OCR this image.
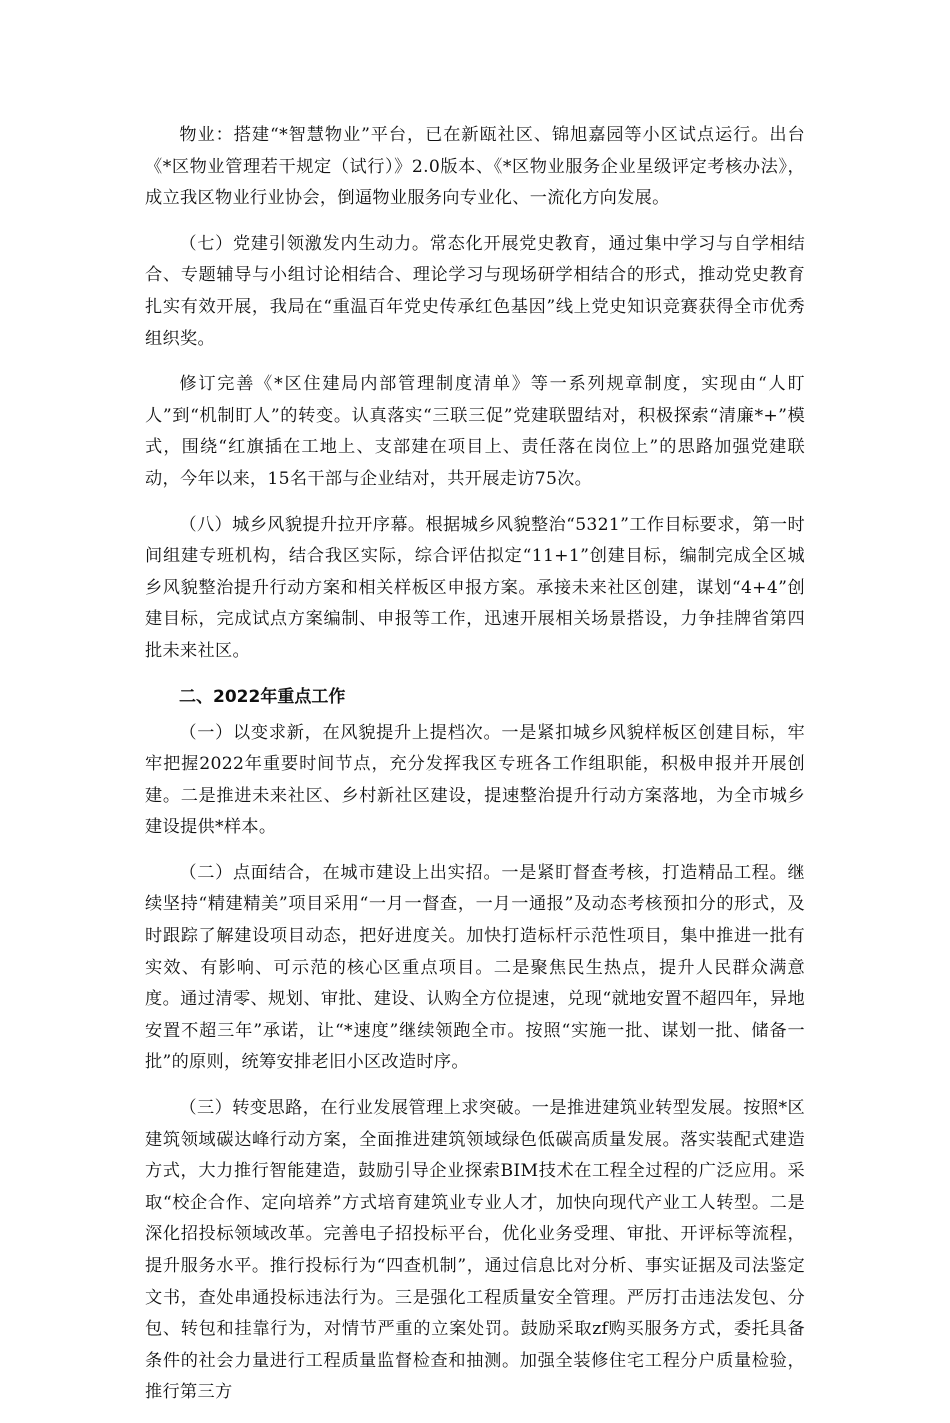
物业：搭建“*智慧物业”平台，已在新瓯社区、锦旭嘉园等小区试点运行。出台《*区物业管理若干规定（试行）》2.0版本、《*区物业服务企业星级评定考核办法》，成立我区物业行业协会，倒逼物业服务向专业化、一流化方向发展。

（七）党建引领激发内生动力。常态化开展党史教育，通过集中学习与自学相结合、专题辅导与小组讨论相结合、理论学习与现场研学相结合的形式，推动党史教育扎实有效开展，我局在“重温百年党史传承红色基因”线上党史知识竞赛获得全市优秀组织奖。

修订完善《*区住建局内部管理制度清单》等一系列规章制度，实现由“人盯人”到“机制盯人”的转变。认真落实“三联三促”党建联盟结对，积极探索“清廉*+”模式，围绕“红旗插在工地上、支部建在项目上、责任落在岗位上”的思路加强党建联动，今年以来，15名干部与企业结对，共开展走访75次。

（八）城乡风貌提升拉开序幕。根据城乡风貌整治“5321”工作目标要求，第一时间组建专班机构，结合我区实际，综合评估拟定“11+1”创建目标，编制完成全区城乡风貌整治提升行动方案和相关样板区申报方案。承接未来社区创建，谋划“4+4”创建目标，完成试点方案编制、申报等工作，迅速开展相关场景搭设，力争挂牌省第四批未来社区。

二、2022年重点工作

（一）以变求新，在风貌提升上提档次。一是紧扣城乡风貌样板区创建目标，牢牢把握2022年重要时间节点，充分发挥我区专班各工作组职能，积极申报并开展创建。二是推进未来社区、乡村新社区建设，提速整治提升行动方案落地，为全市城乡建设提供*样本。

（二）点面结合，在城市建设上出实招。一是紧盯督查考核，打造精品工程。继续坚持“精建精美”项目采用“一月一督查，一月一通报”及动态考核预扣分的形式，及时跟踪了解建设项目动态，把好进度关。加快打造标杆示范性项目，集中推进一批有实效、有影响、可示范的核心区重点项目。二是聚焦民生热点，提升人民群众满意度。通过清零、规划、审批、建设、认购全方位提速，兑现“就地安置不超四年，异地安置不超三年”承诺，让“*速度”继续领跑全市。按照“实施一批、谋划一批、储备一批”的原则，统筹安排老旧小区改造时序。

（三）转变思路，在行业发展管理上求突破。一是推进建筑业转型发展。按照*区建筑领域碳达峰行动方案，全面推进建筑领域绿色低碳高质量发展。落实装配式建造方式，大力推行智能建造，鼓励引导企业探索BIM技术在工程全过程的广泛应用。采取“校企合作、定向培养”方式培育建筑业专业人才，加快向现代产业工人转型。二是深化招投标领域改革。完善电子招投标平台，优化业务受理、审批、开评标等流程，提升服务水平。推行投标行为“四查机制”，通过信息比对分析、事实证据及司法鉴定文书，查处串通投标违法行为。三是强化工程质量安全管理。严厉打击违法发包、分包、转包和挂靠行为，对情节严重的立案处罚。鼓励采取zf购买服务方式，委托具备条件的社会力量进行工程质量监督检查和抽测。加强全装修住宅工程分户质量检验，推行第三方
